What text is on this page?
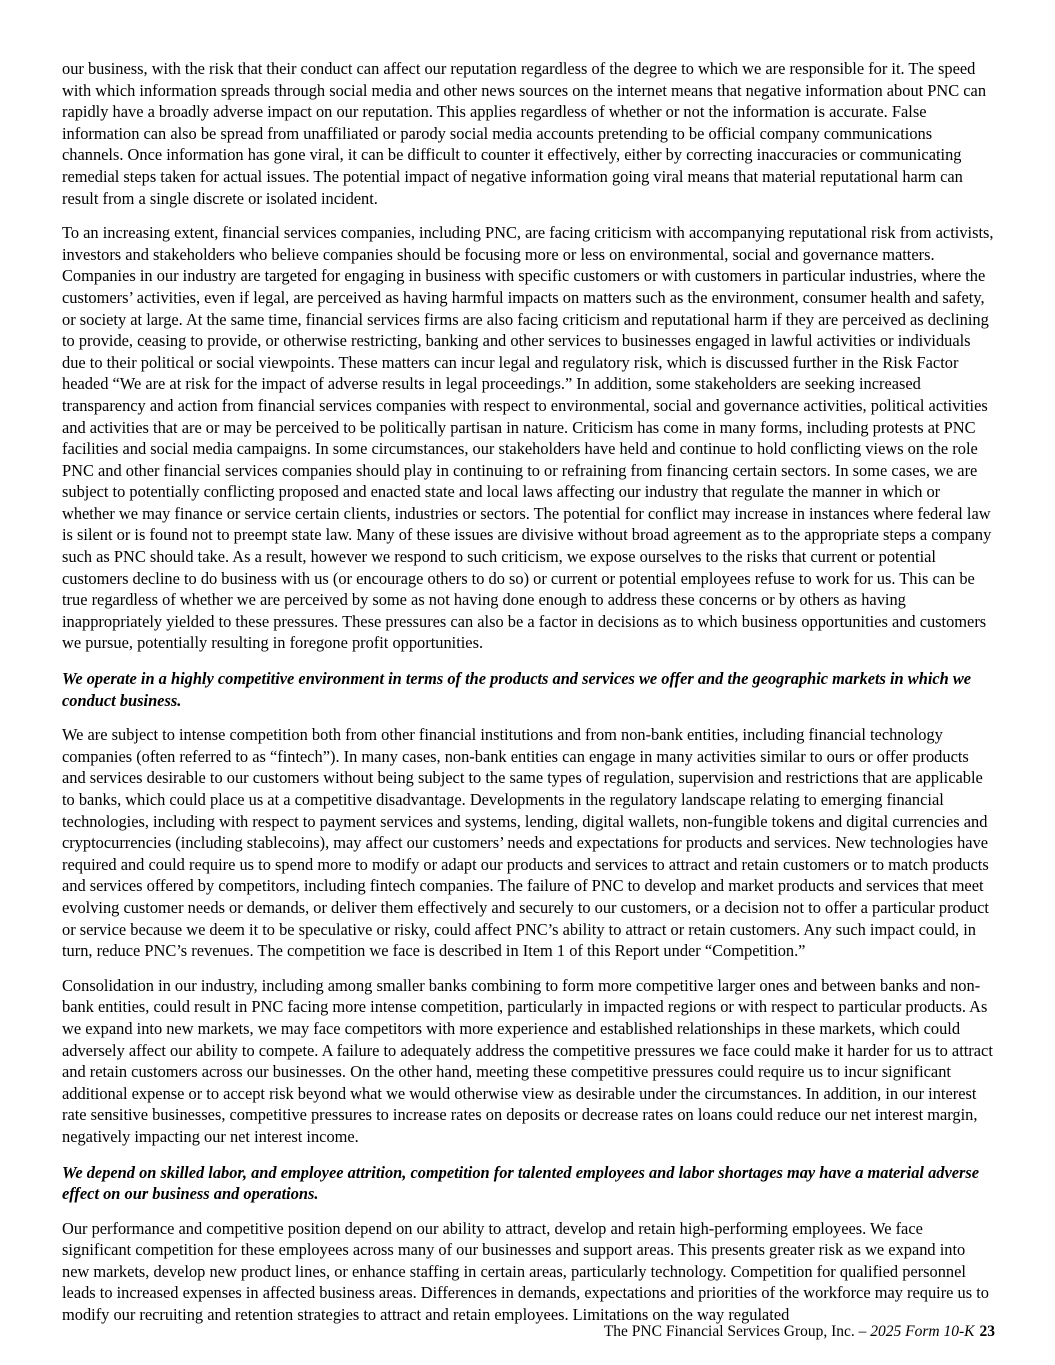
our business, with the risk that their conduct can affect our reputation regardless of the degree to which we are responsible for it. The speed with which information spreads through social media and other news sources on the internet means that negative information about PNC can rapidly have a broadly adverse impact on our reputation. This applies regardless of whether or not the information is accurate. False information can also be spread from unaffiliated or parody social media accounts pretending to be official company communications channels. Once information has gone viral, it can be difficult to counter it effectively, either by correcting inaccuracies or communicating remedial steps taken for actual issues. The potential impact of negative information going viral means that material reputational harm can result from a single discrete or isolated incident.

To an increasing extent, financial services companies, including PNC, are facing criticism with accompanying reputational risk from activists, investors and stakeholders who believe companies should be focusing more or less on environmental, social and governance matters. Companies in our industry are targeted for engaging in business with specific customers or with customers in particular industries, where the customers’ activities, even if legal, are perceived as having harmful impacts on matters such as the environment, consumer health and safety, or society at large. At the same time, financial services firms are also facing criticism and reputational harm if they are perceived as declining to provide, ceasing to provide, or otherwise restricting, banking and other services to businesses engaged in lawful activities or individuals due to their political or social viewpoints. These matters can incur legal and regulatory risk, which is discussed further in the Risk Factor headed “We are at risk for the impact of adverse results in legal proceedings.” In addition, some stakeholders are seeking increased transparency and action from financial services companies with respect to environmental, social and governance activities, political activities and activities that are or may be perceived to be politically partisan in nature. Criticism has come in many forms, including protests at PNC facilities and social media campaigns. In some circumstances, our stakeholders have held and continue to hold conflicting views on the role PNC and other financial services companies should play in continuing to or refraining from financing certain sectors. In some cases, we are subject to potentially conflicting proposed and enacted state and local laws affecting our industry that regulate the manner in which or whether we may finance or service certain clients, industries or sectors. The potential for conflict may increase in instances where federal law is silent or is found not to preempt state law. Many of these issues are divisive without broad agreement as to the appropriate steps a company such as PNC should take. As a result, however we respond to such criticism, we expose ourselves to the risks that current or potential customers decline to do business with us (or encourage others to do so) or current or potential employees refuse to work for us. This can be true regardless of whether we are perceived by some as not having done enough to address these concerns or by others as having inappropriately yielded to these pressures. These pressures can also be a factor in decisions as to which business opportunities and customers we pursue, potentially resulting in foregone profit opportunities.

We operate in a highly competitive environment in terms of the products and services we offer and the geographic markets in which we conduct business.

We are subject to intense competition both from other financial institutions and from non-bank entities, including financial technology companies (often referred to as “fintech”). In many cases, non-bank entities can engage in many activities similar to ours or offer products and services desirable to our customers without being subject to the same types of regulation, supervision and restrictions that are applicable to banks, which could place us at a competitive disadvantage. Developments in the regulatory landscape relating to emerging financial technologies, including with respect to payment services and systems, lending, digital wallets, non-fungible tokens and digital currencies and cryptocurrencies (including stablecoins), may affect our customers’ needs and expectations for products and services. New technologies have required and could require us to spend more to modify or adapt our products and services to attract and retain customers or to match products and services offered by competitors, including fintech companies. The failure of PNC to develop and market products and services that meet evolving customer needs or demands, or deliver them effectively and securely to our customers, or a decision not to offer a particular product or service because we deem it to be speculative or risky, could affect PNC’s ability to attract or retain customers. Any such impact could, in turn, reduce PNC’s revenues. The competition we face is described in Item 1 of this Report under “Competition.”

Consolidation in our industry, including among smaller banks combining to form more competitive larger ones and between banks and non-bank entities, could result in PNC facing more intense competition, particularly in impacted regions or with respect to particular products. As we expand into new markets, we may face competitors with more experience and established relationships in these markets, which could adversely affect our ability to compete. A failure to adequately address the competitive pressures we face could make it harder for us to attract and retain customers across our businesses. On the other hand, meeting these competitive pressures could require us to incur significant additional expense or to accept risk beyond what we would otherwise view as desirable under the circumstances. In addition, in our interest rate sensitive businesses, competitive pressures to increase rates on deposits or decrease rates on loans could reduce our net interest margin, negatively impacting our net interest income.

We depend on skilled labor, and employee attrition, competition for talented employees and labor shortages may have a material adverse effect on our business and operations.

Our performance and competitive position depend on our ability to attract, develop and retain high-performing employees. We face significant competition for these employees across many of our businesses and support areas. This presents greater risk as we expand into new markets, develop new product lines, or enhance staffing in certain areas, particularly technology. Competition for qualified personnel leads to increased expenses in affected business areas. Differences in demands, expectations and priorities of the workforce may require us to modify our recruiting and retention strategies to attract and retain employees. Limitations on the way regulated

The PNC Financial Services Group, Inc. – 2025 Form 10-K 23
